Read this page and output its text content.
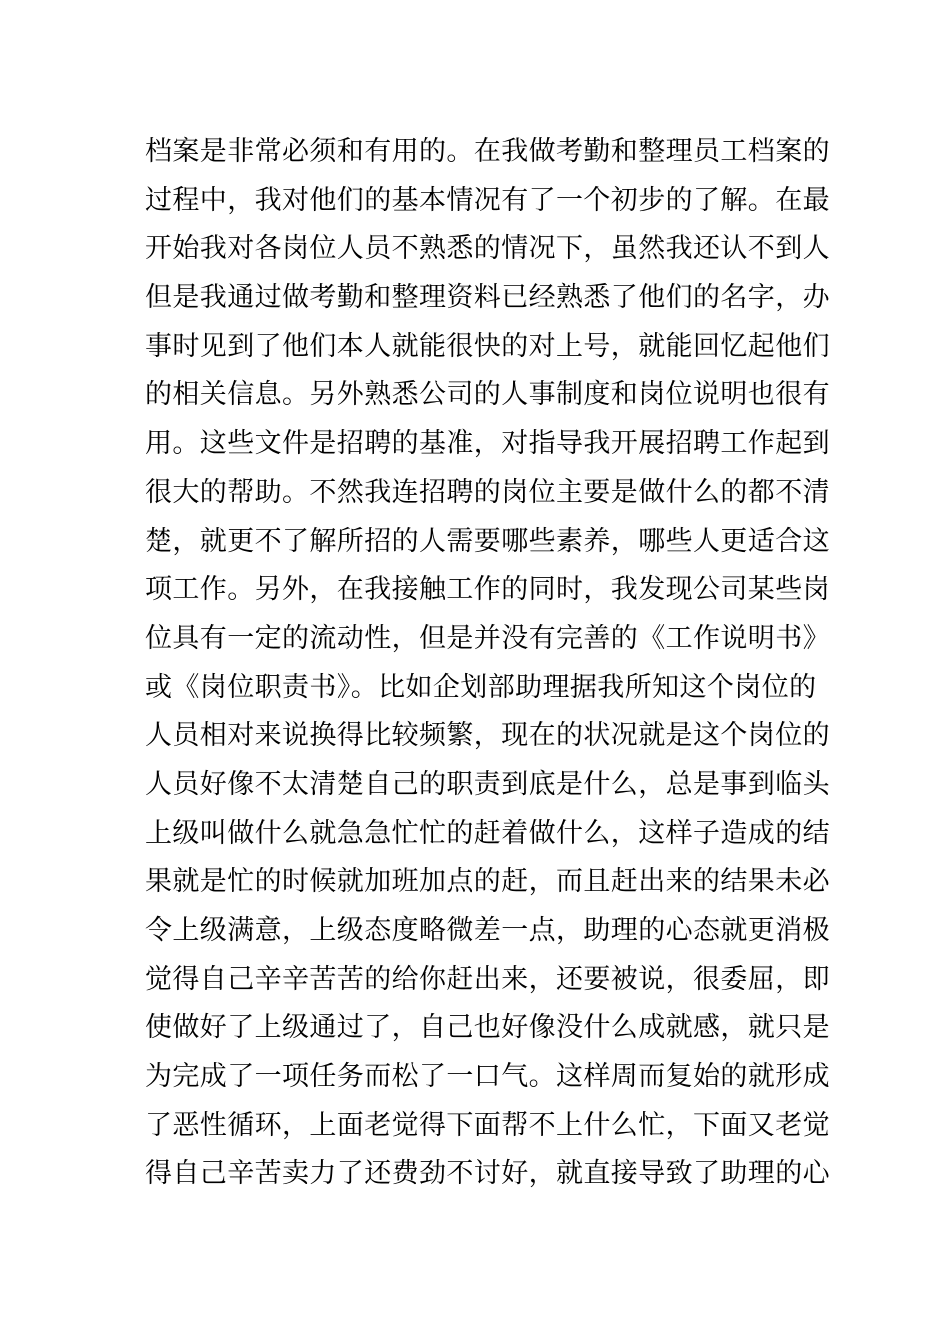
档案是非常必须和有用的。在我做考勤和整理员工档案的
过程中，我对他们的基本情况有了一个初步的了解。在最
开始我对各岗位人员不熟悉的情况下，虽然我还认不到人
但是我通过做考勤和整理资料已经熟悉了他们的名字，办
事时见到了他们本人就能很快的对上号，就能回忆起他们
的相关信息。另外熟悉公司的人事制度和岗位说明也很有
用。这些文件是招聘的基准，对指导我开展招聘工作起到
很大的帮助。不然我连招聘的岗位主要是做什么的都不清
楚，就更不了解所招的人需要哪些素养，哪些人更适合这
项工作。另外，在我接触工作的同时，我发现公司某些岗
位具有一定的流动性，但是并没有完善的《工作说明书》
或《岗位职责书》。比如企划部助理据我所知这个岗位的
人员相对来说换得比较频繁，现在的状况就是这个岗位的
人员好像不太清楚自己的职责到底是什么，总是事到临头
上级叫做什么就急急忙忙的赶着做什么，这样子造成的结
果就是忙的时候就加班加点的赶，而且赶出来的结果未必
令上级满意，上级态度略微差一点，助理的心态就更消极
觉得自己辛辛苦苦的给你赶出来，还要被说，很委屈，即
使做好了上级通过了，自己也好像没什么成就感，就只是
为完成了一项任务而松了一口气。这样周而复始的就形成
了恶性循环，上面老觉得下面帮不上什么忙，下面又老觉
得自己辛苦卖力了还费劲不讨好，就直接导致了助理的心
